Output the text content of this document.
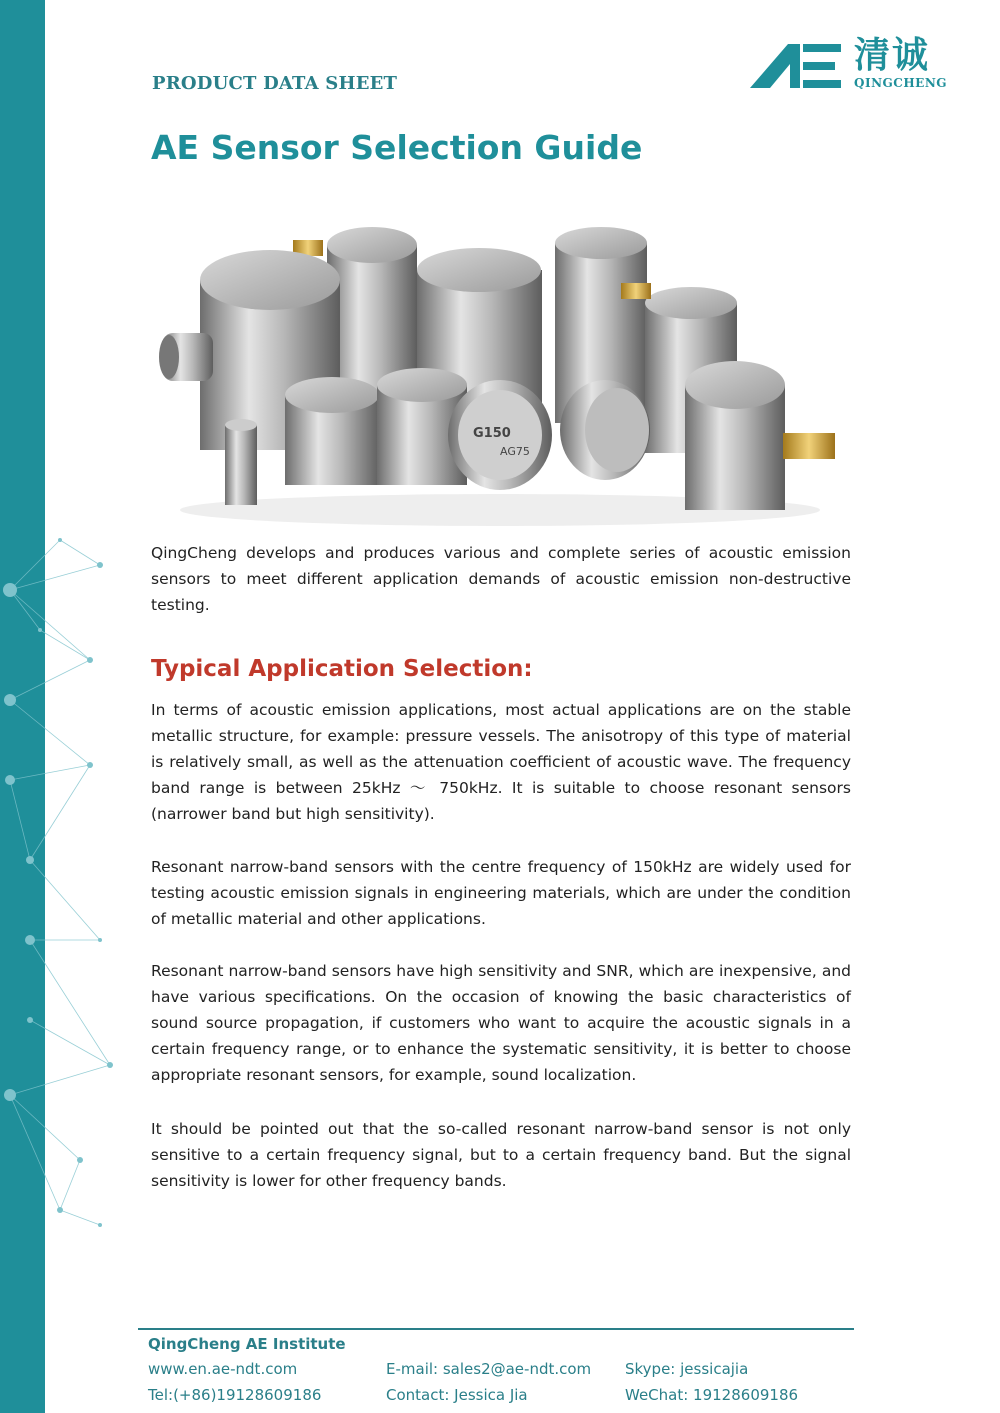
PRODUCT DATA SHEET
清诚
QINGCHENG
AE Sensor Selection Guide
G150
AG75

QingCheng develops and produces various and complete series of acoustic emission sensors to meet different application demands of acoustic emission non-destructive testing.

Typical Application Selection:

In terms of acoustic emission applications, most actual applications are on the stable metallic structure, for example: pressure vessels. The anisotropy of this type of material is relatively small, as well as the attenuation coefficient of acoustic wave. The frequency band range is between 25kHz ～ 750kHz. It is suitable to choose resonant sensors (narrower band but high sensitivity).

Resonant narrow-band sensors with the centre frequency of 150kHz are widely used for testing acoustic emission signals in engineering materials, which are under the condition of metallic material and other applications.

Resonant narrow-band sensors have high sensitivity and SNR, which are inexpensive, and have various specifications. On the occasion of knowing the basic characteristics of sound source propagation, if customers who want to acquire the acoustic signals in a certain frequency range, or to enhance the systematic sensitivity, it is better to choose appropriate resonant sensors, for example, sound localization.

It should be pointed out that the so-called resonant narrow-band sensor is not only sensitive to a certain frequency signal, but to a certain frequency band. But the signal sensitivity is lower for other frequency bands.

QingCheng AE Institute
www.en.ae-ndt.com
Tel:(+86)19128609186
E-mail: sales2@ae-ndt.com
Contact: Jessica Jia
Skype: jessicajia
WeChat: 19128609186
